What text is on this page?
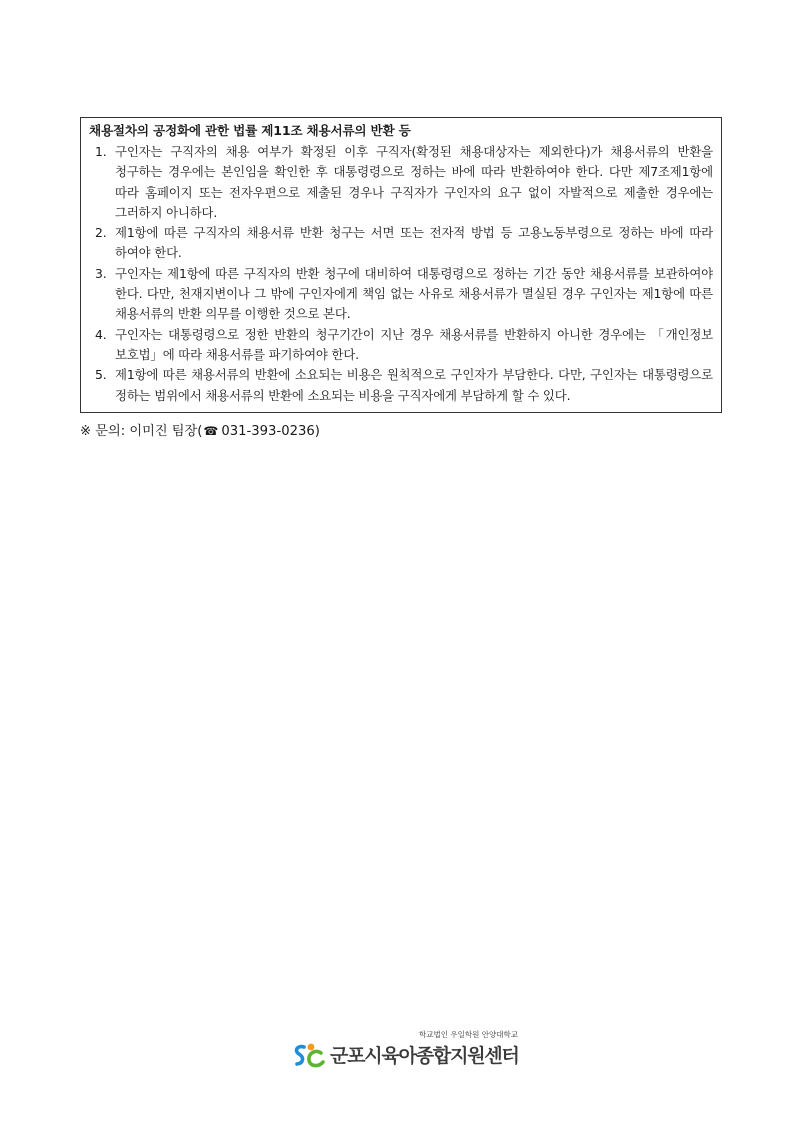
채용절차의 공정화에 관한 법률 제11조 채용서류의 반환 등
1. 구인자는 구직자의 채용 여부가 확정된 이후 구직자(확정된 채용대상자는 제외한다)가 채용서류의 반환을 청구하는 경우에는 본인임을 확인한 후 대통령령으로 정하는 바에 따라 반환하여야 한다. 다만 제7조제1항에 따라 홈페이지 또는 전자우편으로 제출된 경우나 구직자가 구인자의 요구 없이 자발적으로 제출한 경우에는 그러하지 아니하다.
2. 제1항에 따른 구직자의 채용서류 반환 청구는 서면 또는 전자적 방법 등 고용노동부령으로 정하는 바에 따라 하여야 한다.
3. 구인자는 제1항에 따른 구직자의 반환 청구에 대비하여 대통령령으로 정하는 기간 동안 채용서류를 보관하여야 한다. 다만, 천재지변이나 그 밖에 구인자에게 책임 없는 사유로 채용서류가 멸실된 경우 구인자는 제1항에 따른 채용서류의 반환 의무를 이행한 것으로 본다.
4. 구인자는 대통령령으로 정한 반환의 청구기간이 지난 경우 채용서류를 반환하지 아니한 경우에는 「개인정보 보호법」에 따라 채용서류를 파기하여야 한다.
5. 제1항에 따른 채용서류의 반환에 소요되는 비용은 원칙적으로 구인자가 부담한다. 다만, 구인자는 대통령령으로 정하는 범위에서 채용서류의 반환에 소요되는 비용을 구직자에게 부담하게 할 수 있다.
※ 문의: 이미진 팀장(☎ 031-393-0236)
학교법인 우일학원 안양대학교
군포시육아종합지원센터
